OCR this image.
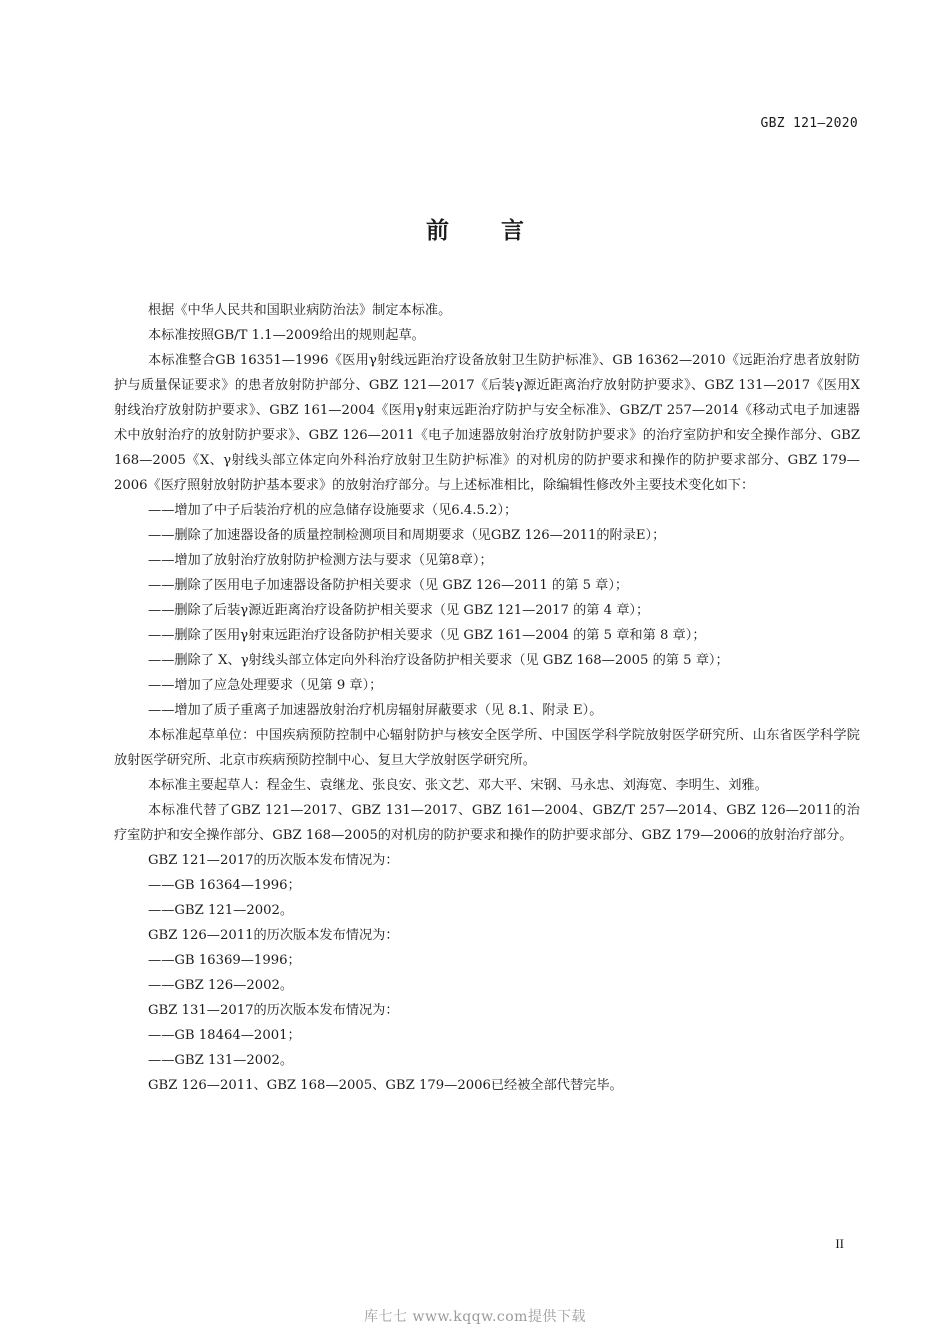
GBZ 121—2020
前 言

根据《中华人民共和国职业病防治法》制定本标准。

本标准按照GB/T 1.1—2009给出的规则起草。

本标准整合GB 16351—1996《医用γ射线远距治疗设备放射卫生防护标准》、GB 16362—2010《远距治疗患者放射防护与质量保证要求》的患者放射防护部分、GBZ 121—2017《后装γ源近距离治疗放射防护要求》、GBZ 131—2017《医用X射线治疗放射防护要求》、GBZ 161—2004《医用γ射束远距治疗防护与安全标准》、GBZ/T 257—2014《移动式电子加速器术中放射治疗的放射防护要求》、GBZ 126—2011《电子加速器放射治疗放射防护要求》的治疗室防护和安全操作部分、GBZ 168—2005《X、γ射线头部立体定向外科治疗放射卫生防护标准》的对机房的防护要求和操作的防护要求部分、GBZ 179—2006《医疗照射放射防护基本要求》的放射治疗部分。与上述标准相比，除编辑性修改外主要技术变化如下：

——增加了中子后装治疗机的应急储存设施要求（见6.4.5.2）；

——删除了加速器设备的质量控制检测项目和周期要求（见GBZ 126—2011的附录E）；

——增加了放射治疗放射防护检测方法与要求（见第8章）；

——删除了医用电子加速器设备防护相关要求（见 GBZ 126—2011 的第 5 章）；

——删除了后装γ源近距离治疗设备防护相关要求（见 GBZ 121—2017 的第 4 章）；

——删除了医用γ射束远距治疗设备防护相关要求（见 GBZ 161—2004 的第 5 章和第 8 章）；

——删除了 X、γ射线头部立体定向外科治疗设备防护相关要求（见 GBZ 168—2005 的第 5 章）；

——增加了应急处理要求（见第 9 章）；

——增加了质子重离子加速器放射治疗机房辐射屏蔽要求（见 8.1、附录 E）。

本标准起草单位：中国疾病预防控制中心辐射防护与核安全医学所、中国医学科学院放射医学研究所、山东省医学科学院放射医学研究所、北京市疾病预防控制中心、复旦大学放射医学研究所。

本标准主要起草人：程金生、袁继龙、张良安、张文艺、邓大平、宋钢、马永忠、刘海宽、李明生、刘雅。

本标准代替了GBZ 121—2017、GBZ 131—2017、GBZ 161—2004、GBZ/T 257—2014、GBZ 126—2011的治疗室防护和安全操作部分、GBZ 168—2005的对机房的防护要求和操作的防护要求部分、GBZ 179—2006的放射治疗部分。

GBZ 121—2017的历次版本发布情况为：

——GB 16364—1996；

——GBZ 121—2002。

GBZ 126—2011的历次版本发布情况为：

——GB 16369—1996；

——GBZ 126—2002。

GBZ 131—2017的历次版本发布情况为：

——GB 18464—2001；

——GBZ 131—2002。

GBZ 126—2011、GBZ 168—2005、GBZ 179—2006已经被全部代替完毕。

II
库七七 www.kqqw.com提供下载
